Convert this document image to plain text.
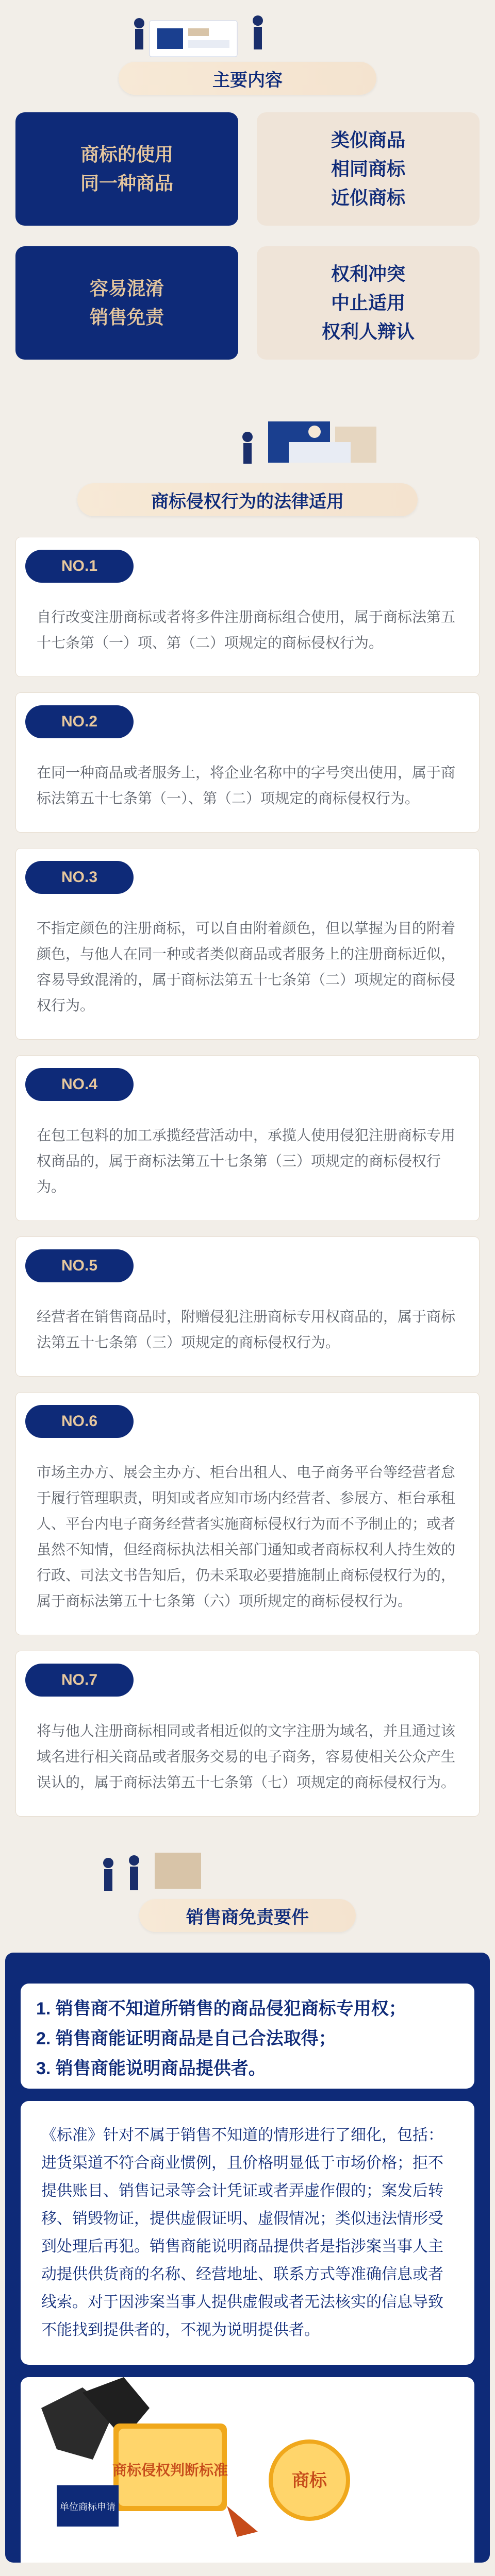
主要内容
商标的使用
同一种商品
类似商品
相同商标
近似商标
容易混淆
销售免责
权利冲突
中止适用
权利人辩认
商标侵权行为的法律适用
NO.1
自行改变注册商标或者将多件注册商标组合使用，属于商标法第五十七条第（一）项、第（二）项规定的商标侵权行为。
NO.2
在同一种商品或者服务上，将企业名称中的字号突出使用，属于商标法第五十七条第（一）、第（二）项规定的商标侵权行为。
NO.3
不指定颜色的注册商标，可以自由附着颜色，但以掌握为目的附着颜色，与他人在同一种或者类似商品或者服务上的注册商标近似，容易导致混淆的，属于商标法第五十七条第（二）项规定的商标侵权行为。
NO.4
在包工包料的加工承揽经营活动中，承揽人使用侵犯注册商标专用权商品的，属于商标法第五十七条第（三）项规定的商标侵权行为。
NO.5
经营者在销售商品时，附赠侵犯注册商标专用权商品的，属于商标法第五十七条第（三）项规定的商标侵权行为。
NO.6
市场主办方、展会主办方、柜台出租人、电子商务平台等经营者怠于履行管理职责，明知或者应知市场内经营者、参展方、柜台承租人、平台内电子商务经营者实施商标侵权行为而不予制止的；或者虽然不知情，但经商标执法相关部门通知或者商标权利人持生效的行政、司法文书告知后，仍未采取必要措施制止商标侵权行为的，属于商标法第五十七条第（六）项所规定的商标侵权行为。
NO.7
将与他人注册商标相同或者相近似的文字注册为域名，并且通过该域名进行相关商品或者服务交易的电子商务，容易使相关公众产生误认的，属于商标法第五十七条第（七）项规定的商标侵权行为。
销售商免责要件
1. 销售商不知道所销售的商品侵犯商标专用权；
2. 销售商能证明商品是自己合法取得；
3. 销售商能说明商品提供者。
《标准》针对不属于销售不知道的情形进行了细化，包括：进货渠道不符合商业惯例，且价格明显低于市场价格；拒不提供账目、销售记录等会计凭证或者弄虚作假的；案发后转移、销毁物证，提供虚假证明、虚假情况；类似违法情形受到处理后再犯。销售商能说明商品提供者是指涉案当事人主动提供供货商的名称、经营地址、联系方式等准确信息或者线索。对于因涉案当事人提供虚假或者无法核实的信息导致不能找到提供者的，不视为说明提供者。
商标侵权判断标准
商标
单位商标申请
